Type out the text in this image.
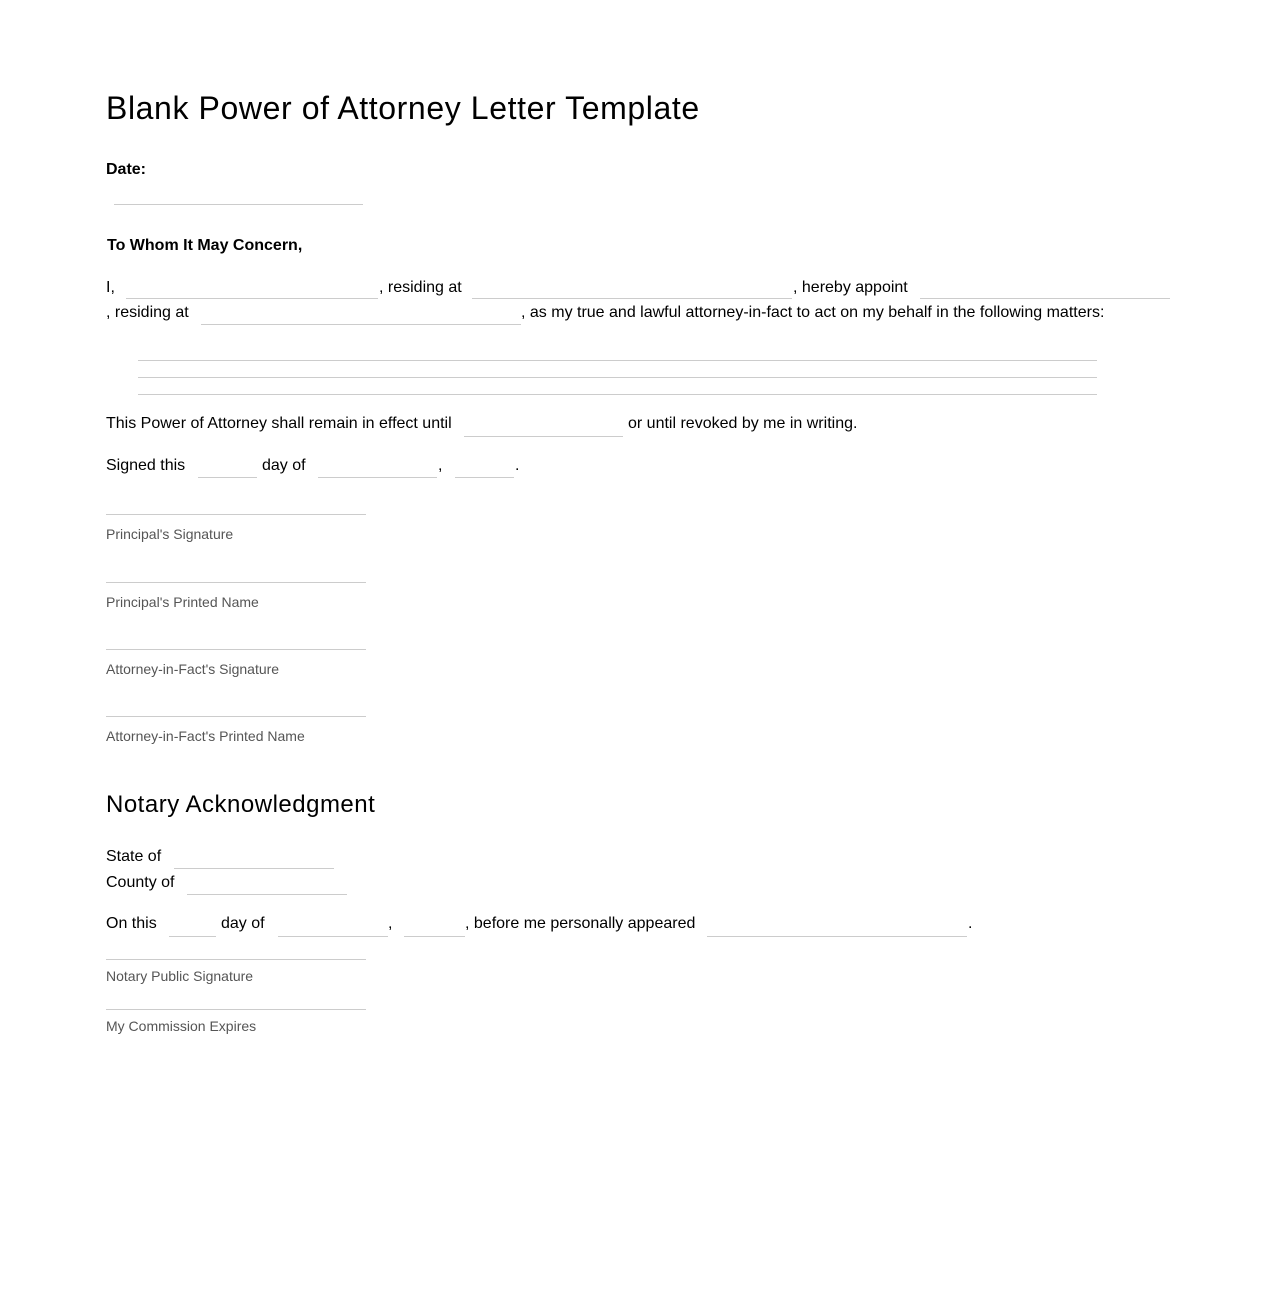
Blank Power of Attorney Letter Template
Date:
To Whom It May Concern,
I,	, residing at	, hereby appoint
, residing at	, as my true and lawful attorney-in-fact to act on my behalf in the following matters:
This Power of Attorney shall remain in effect until	or until revoked by me in writing.
Signed this	day of	,	.
Principal's Signature
Principal's Printed Name
Attorney-in-Fact's Signature
Attorney-in-Fact's Printed Name
Notary Acknowledgment
State of
County of
On this	day of	,	, before me personally appeared	.
Notary Public Signature
My Commission Expires
